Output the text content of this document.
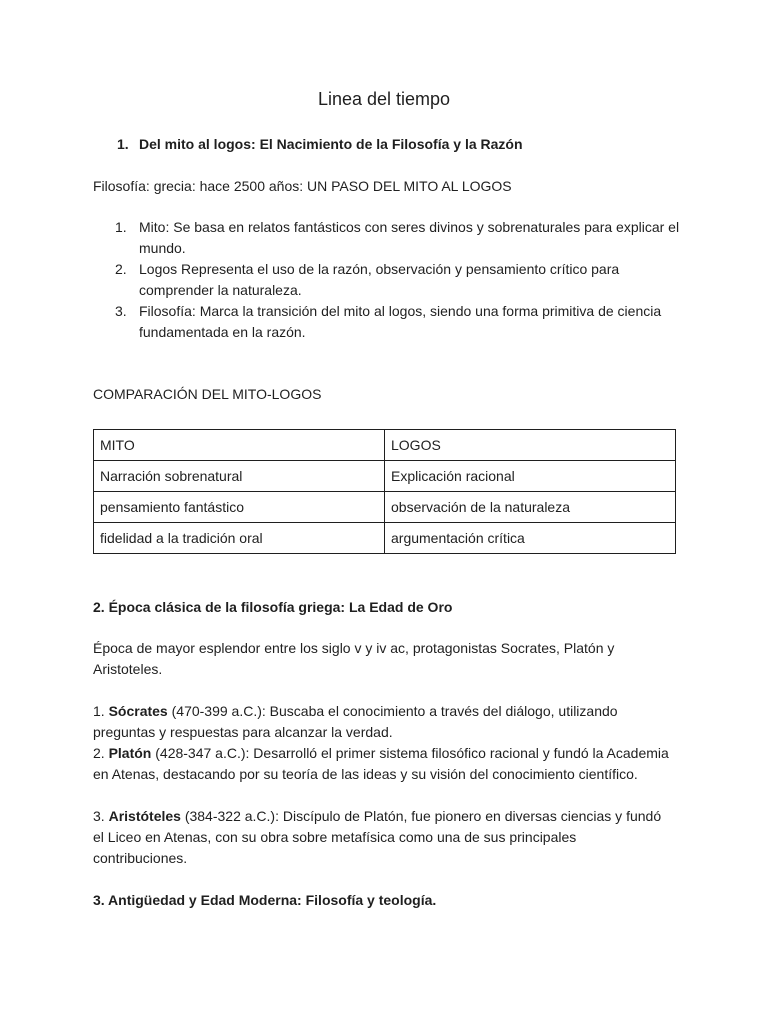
Linea del tiempo
1. Del mito al logos: El Nacimiento de la Filosofía y la Razón

Filosofía: grecia: hace 2500 años: UN PASO DEL MITO AL LOGOS

1. Mito: Se basa en relatos fantásticos con seres divinos y sobrenaturales para explicar el mundo.
2. Logos Representa el uso de la razón, observación y pensamiento crítico para comprender la naturaleza.
3. Filosofía: Marca la transición del mito al logos, siendo una forma primitiva de ciencia fundamentada en la razón.

COMPARACIÓN DEL MITO-LOGOS

MITO	LOGOS
Narración sobrenatural	Explicación racional
pensamiento fantástico	observación de la naturaleza
fidelidad a la tradición oral	argumentación crítica
2. Época clásica de la filosofía griega: La Edad de Oro

Época de mayor esplendor entre los siglo v y iv ac, protagonistas Socrates, Platón y Aristoteles.

1. Sócrates (470-399 a.C.): Buscaba el conocimiento a través del diálogo, utilizando preguntas y respuestas para alcanzar la verdad.

2. Platón (428-347 a.C.): Desarrolló el primer sistema filosófico racional y fundó la Academia en Atenas, destacando por su teoría de las ideas y su visión del conocimiento científico.

3. Aristóteles (384-322 a.C.): Discípulo de Platón, fue pionero en diversas ciencias y fundó el Liceo en Atenas, con su obra sobre metafísica como una de sus principales contribuciones.

3. Antigüedad y Edad Moderna: Filosofía y teología.
